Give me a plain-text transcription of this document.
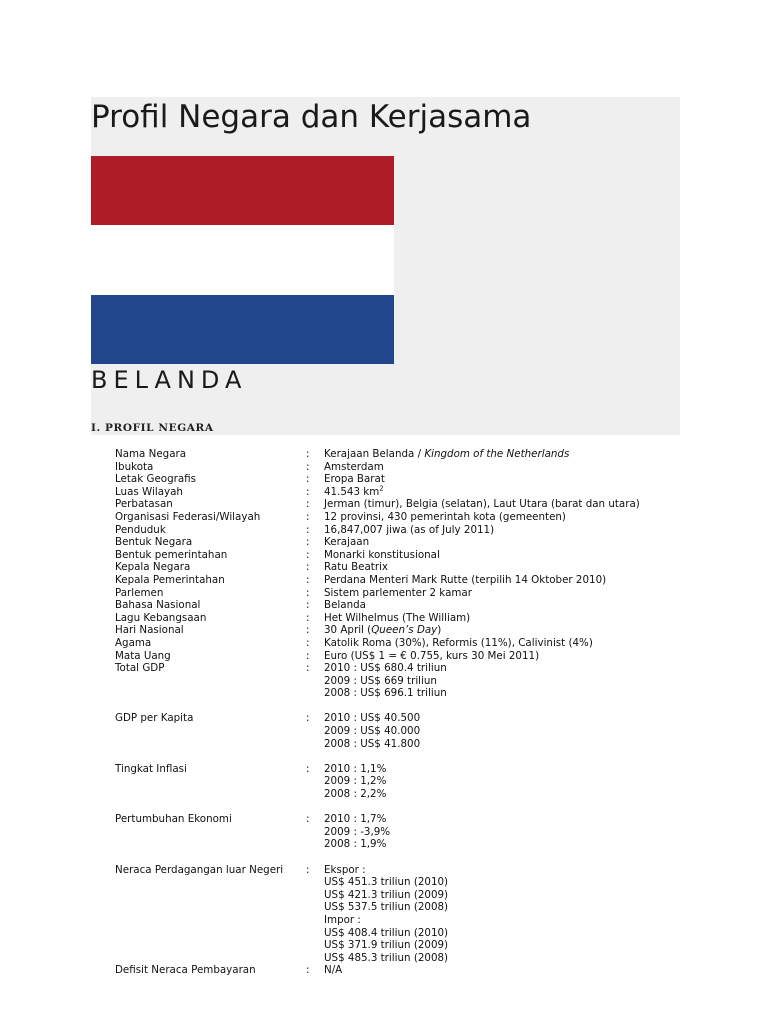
Profil Negara dan Kerjasama
BELANDA
I. PROFIL NEGARA
Nama Negara	: Kerajaan Belanda / Kingdom of the Netherlands
Ibukota	: Amsterdam
Letak Geografis	: Eropa Barat
Luas Wilayah	: 41.543 $km^2$
Perbatasan	: Jerman (timur), Belgia (selatan), Laut Utara (barat dan utara)
Organisasi Federasi/Wilayah	: 12 provinsi, 430 pemerintah kota (gemeenten)
Penduduk	: 16,847,007 jiwa (as of July 2011)
Bentuk Negara	: Kerajaan
Bentuk pemerintahan	: Monarki konstitusional
Kepala Negara	: Ratu Beatrix
Kepala Pemerintahan	: Perdana Menteri Mark Rutte (terpilih 14 Oktober 2010)
Parlemen	: Sistem parlementer 2 kamar
Bahasa Nasional	: Belanda
Lagu Kebangsaan	: Het Wilhelmus (The William)
Hari Nasional	: 30 April (Queen’s Day)
Agama	: Katolik Roma (30%), Reformis (11%), Calivinist (4%)
Mata Uang	: Euro (US$ 1 = € 0.755, kurs 30 Mei 2011)
Total GDP	: 2010 : US$ 680.4 triliun
2009 : US$ 669 triliun
2008 : US$ 696.1 triliun
GDP per Kapita	: 2010 : US$ 40.500
2009 : US$ 40.000
2008 : US$ 41.800
Tingkat Inflasi	: 2010 : 1,1%
2009 : 1,2%
2008 : 2,2%
Pertumbuhan Ekonomi	: 2010 : 1,7%
2009 : -3,9%
2008 : 1,9%
Neraca Perdagangan luar Negeri : Ekspor :
US$ 451.3 triliun (2010)
US$ 421.3 triliun (2009)
US$ 537.5 triliun (2008)
Impor :
US$ 408.4 triliun (2010)
US$ 371.9 triliun (2009)
US$ 485.3 triliun (2008)
Defisit Neraca Pembayaran	: N/A
